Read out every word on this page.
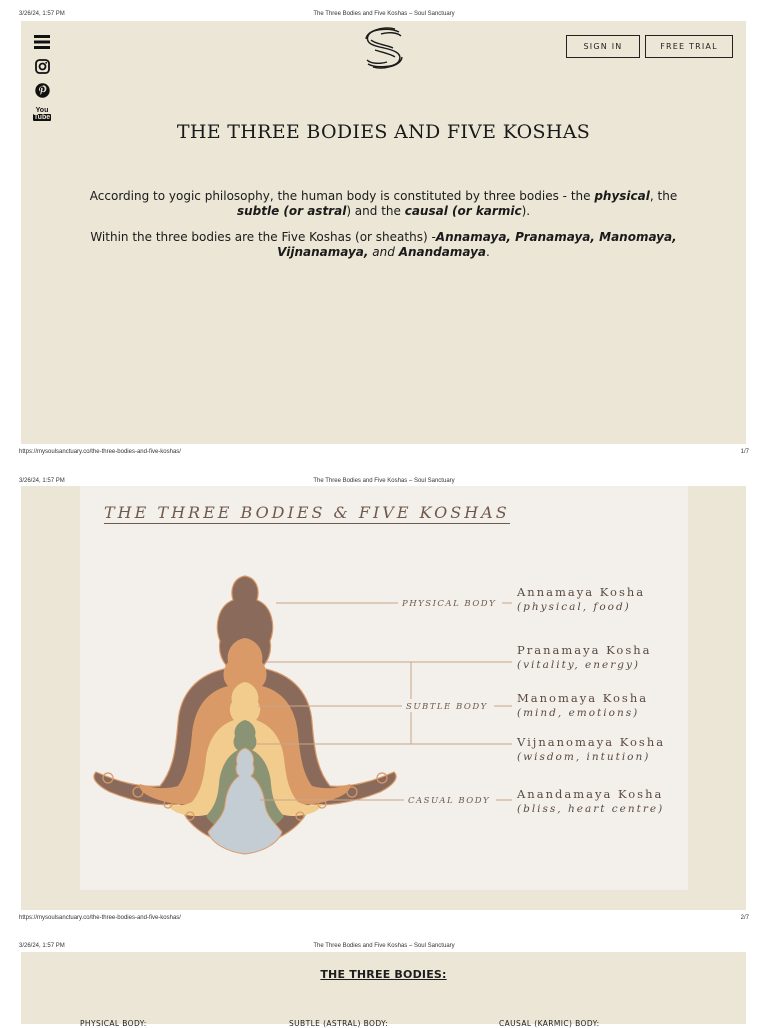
3/26/24, 1:57 PM	The Three Bodies and Five Koshas – Soul Sanctuary
You
Tube
SIGN IN	FREE TRIAL
THE THREE BODIES AND FIVE KOSHAS
According to yogic philosophy, the human body is constituted by three bodies - the physical, the subtle (or astral) and the causal (or karmic).
Within the three bodies are the Five Koshas (or sheaths) -Annamaya, Pranamaya, Manomaya, Vijnanamaya, and Anandamaya.
https://mysoulsanctuary.co/the-three-bodies-and-five-koshas/	1/7
3/26/24, 1:57 PM	The Three Bodies and Five Koshas – Soul Sanctuary
THE THREE BODIES & FIVE KOSHAS
PHYSICAL BODY
SUBTLE BODY
CASUAL BODY
Annamaya Kosha
(physical, food)
Pranamaya Kosha
(vitality, energy)
Manomaya Kosha
(mind, emotions)
Vijnanomaya Kosha
(wisdom, intution)
Anandamaya Kosha
(bliss, heart centre)
https://mysoulsanctuary.co/the-three-bodies-and-five-koshas/	2/7
3/26/24, 1:57 PM	The Three Bodies and Five Koshas – Soul Sanctuary
THE THREE BODIES:
PHYSICAL BODY:	SUBTLE (ASTRAL) BODY:	CAUSAL (KARMIC) BODY:
